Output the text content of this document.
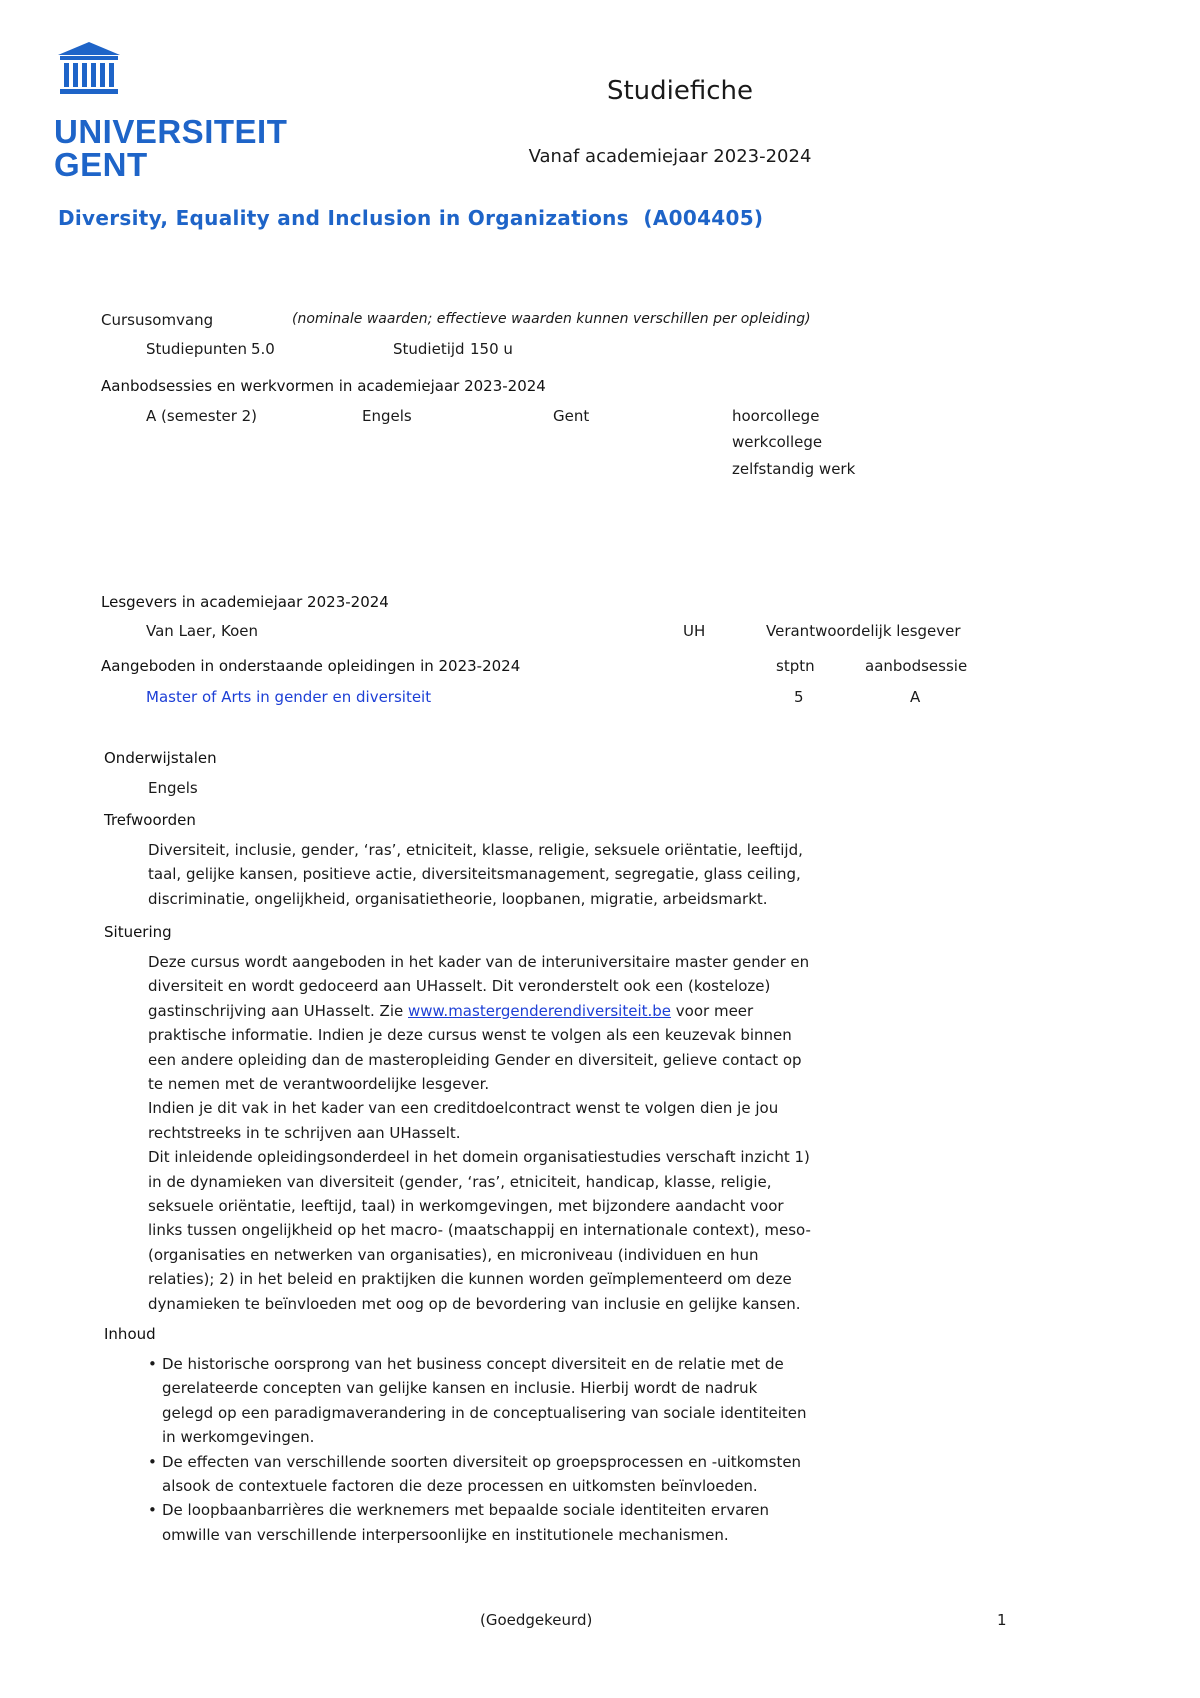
UNIVERSITEIT
GENT
Studiefiche
Vanaf academiejaar 2023-2024
Diversity, Equality and Inclusion in Organizations (A004405)
Cursusomvang	(nominale waarden; effectieve waarden kunnen verschillen per opleiding)
Studiepunten 5.0	Studietijd 150 u
Aanbodsessies en werkvormen in academiejaar 2023-2024
A (semester 2)	Engels	Gent	hoorcollege
werkcollege
zelfstandig werk
Lesgevers in academiejaar 2023-2024
Van Laer, Koen	UH	Verantwoordelijk lesgever
Aangeboden in onderstaande opleidingen in 2023-2024	stptn	aanbodsessie
Master of Arts in gender en diversiteit	5	A
Onderwijstalen
Engels
Trefwoorden
Diversiteit, inclusie, gender, ‘ras’, etniciteit, klasse, religie, seksuele oriëntatie, leeftijd, taal, gelijke kansen, positieve actie, diversiteitsmanagement, segregatie, glass ceiling, discriminatie, ongelijkheid, organisatietheorie, loopbanen, migratie, arbeidsmarkt.
Situering

Deze cursus wordt aangeboden in het kader van de interuniversitaire master gender en diversiteit en wordt gedoceerd aan UHasselt. Dit veronderstelt ook een (kosteloze) gastinschrijving aan UHasselt. Zie www.mastergenderendiversiteit.be voor meer praktische informatie. Indien je deze cursus wenst te volgen als een keuzevak binnen een andere opleiding dan de masteropleiding Gender en diversiteit, gelieve contact op te nemen met de verantwoordelijke lesgever.

Indien je dit vak in het kader van een creditdoelcontract wenst te volgen dien je jou rechtstreeks in te schrijven aan UHasselt.

Dit inleidende opleidingsonderdeel in het domein organisatiestudies verschaft inzicht 1) in de dynamieken van diversiteit (gender, ‘ras’, etniciteit, handicap, klasse, religie, seksuele oriëntatie, leeftijd, taal) in werkomgevingen, met bijzondere aandacht voor links tussen ongelijkheid op het macro- (maatschappij en internationale context), meso- (organisaties en netwerken van organisaties), en microniveau (individuen en hun relaties); 2) in het beleid en praktijken die kunnen worden geïmplementeerd om deze dynamieken te beïnvloeden met oog op de bevordering van inclusie en gelijke kansen.

Inhoud
• De historische oorsprong van het business concept diversiteit en de relatie met de gerelateerde concepten van gelijke kansen en inclusie. Hierbij wordt de nadruk gelegd op een paradigmaverandering in de conceptualisering van sociale identiteiten in werkomgevingen.
• De effecten van verschillende soorten diversiteit op groepsprocessen en -uitkomsten alsook de contextuele factoren die deze processen en uitkomsten beïnvloeden.
• De loopbaanbarrières die werknemers met bepaalde sociale identiteiten ervaren omwille van verschillende interpersoonlijke en institutionele mechanismen.
(Goedgekeurd)	1
